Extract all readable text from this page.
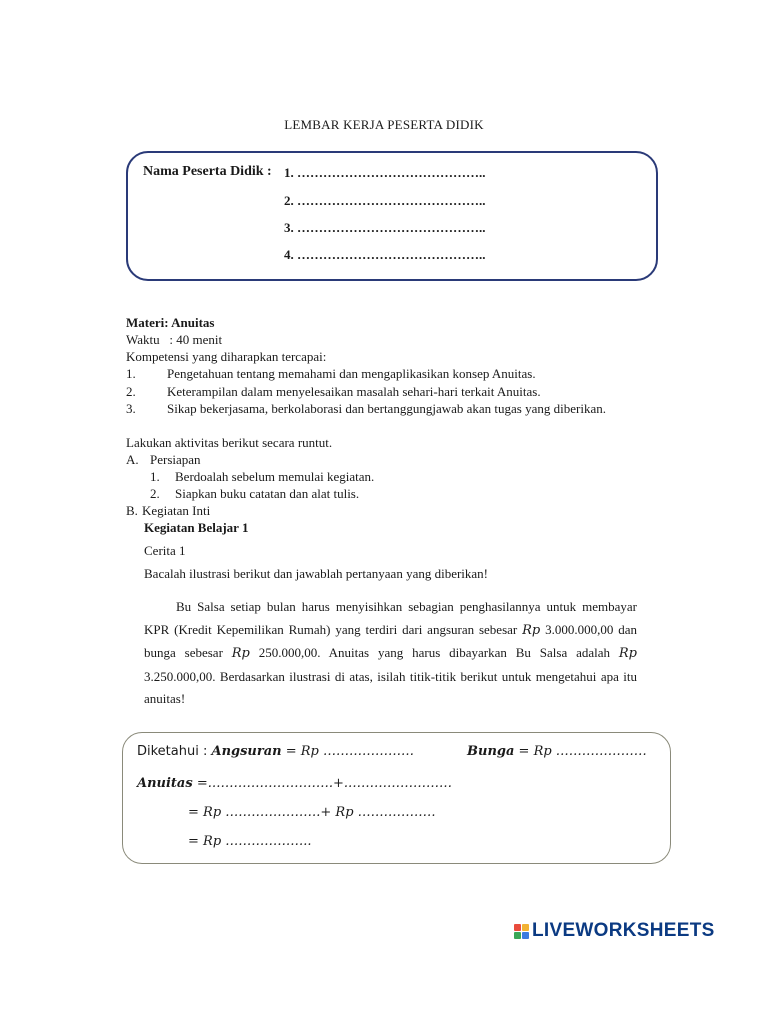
LEMBAR KERJA PESERTA DIDIK
Nama Peserta Didik : 1. ……………………………………..
2. ……………………………………..
3. ……………………………………..
4. ……………………………………..
Materi: Anuitas
Waktu   : 40 menit
Kompetensi yang diharapkan tercapai:
1. Pengetahuan tentang memahami dan mengaplikasikan konsep Anuitas.
2. Keterampilan dalam menyelesaikan masalah sehari-hari terkait Anuitas.
3. Sikap bekerjasama, berkolaborasi dan bertanggungjawab akan tugas yang diberikan.
Lakukan aktivitas berikut secara runtut.
A. Persiapan
1. Berdoalah sebelum memulai kegiatan.
2. Siapkan buku catatan dan alat tulis.
B. Kegiatan Inti
Kegiatan Belajar 1
Cerita 1
Bacalah ilustrasi berikut dan jawablah pertanyaan yang diberikan!
Bu Salsa setiap bulan harus menyisihkan sebagian penghasilannya untuk membayar KPR (Kredit Kepemilikan Rumah) yang terdiri dari angsuran sebesar Rp 3.000.000,00 dan bunga sebesar Rp 250.000,00. Anuitas yang harus dibayarkan Bu Salsa adalah Rp 3.250.000,00. Berdasarkan ilustrasi di atas, isilah titik-titik berikut untuk mengetahui apa itu anuitas!
Diketahui : Angsuran = Rp …………………	Bunga = Rp …………………
Anuitas =.……………………….+.……………………
= Rp ………………….+ Rp ………………
= Rp ………………..
LIVEWORKSHEETS
